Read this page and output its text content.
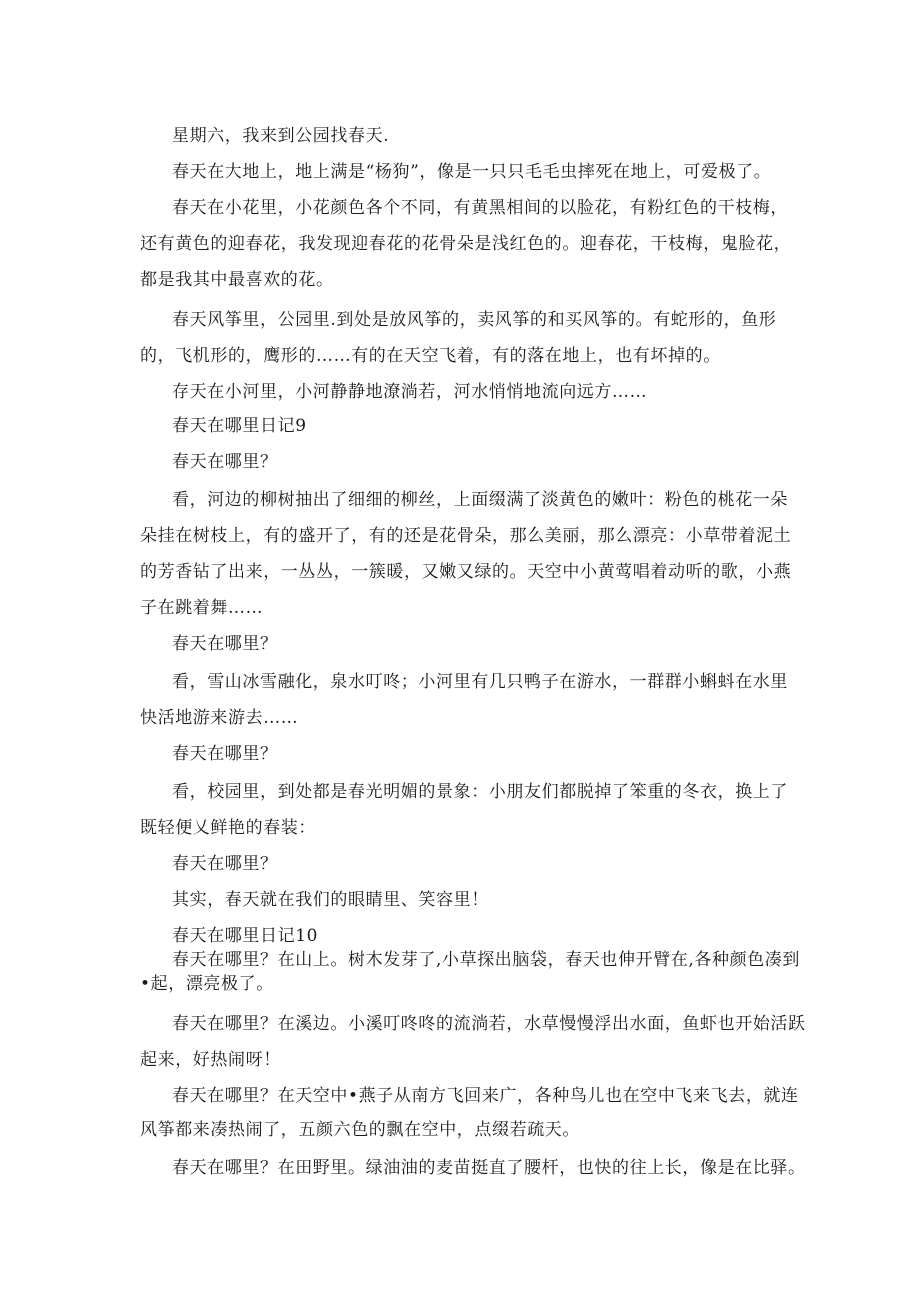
星期六，我来到公园找春天.
春天在大地上，地上满是“杨狗”，像是一只只毛毛虫摔死在地上，可爱极了。
春天在小花里，小花颜色各个不同，有黄黑相间的以脸花，有粉红色的干枝梅，
还有黄色的迎春花，我发现迎春花的花骨朵是浅红色的。迎春花，干枝梅，鬼脸花，
都是我其中最喜欢的花。
春天风筝里，公园里.到处是放风筝的，卖风筝的和买风筝的。有蛇形的，鱼形
的，飞机形的，鹰形的……有的在天空飞着，有的落在地上，也有坏掉的。
存天在小河里，小河静静地潦淌若，河水悄悄地流向远方……
春天在哪里日记9
春天在哪里？
看，河边的柳树抽出了细细的柳丝，上面缀满了淡黄色的嫩叶：粉色的桃花一朵
朵挂在树枝上，有的盛开了，有的还是花骨朵，那么美丽，那么漂亮：小草带着泥土
的芳香钻了出来，一丛丛，一簇暖，又嫩又绿的。天空中小黄莺唱着动听的歌，小燕
子在跳着舞……
春天在哪里？
看，雪山冰雪融化，泉水叮咚；小河里有几只鸭子在游水，一群群小蝌蚪在水里
快活地游来游去……
春天在哪里？
看，校园里，到处都是春光明媚的景象：小朋友们都脱掉了笨重的冬衣，换上了
既轻便乂鲜艳的春装：
春天在哪里？
其实，春天就在我们的眼睛里、笑容里！
春天在哪里日记10
春天在哪里？在山上。树木发芽了,小草探出脑袋，春天也伸开臂在,各种颜色凑到
•起，漂亮极了。
春天在哪里？在溪边。小溪叮咚咚的流淌若，水草慢慢浮出水面，鱼虾也开始活跃
起来，好热闹呀！
春天在哪里？在天空中•燕子从南方飞回来广，各种鸟儿也在空中飞来飞去，就连
风筝都来凑热闹了，五颜六色的飘在空中，点缀若疏天。
春天在哪里？在田野里。绿油油的麦苗挺直了腰杆，也快的往上长，像是在比驿。
